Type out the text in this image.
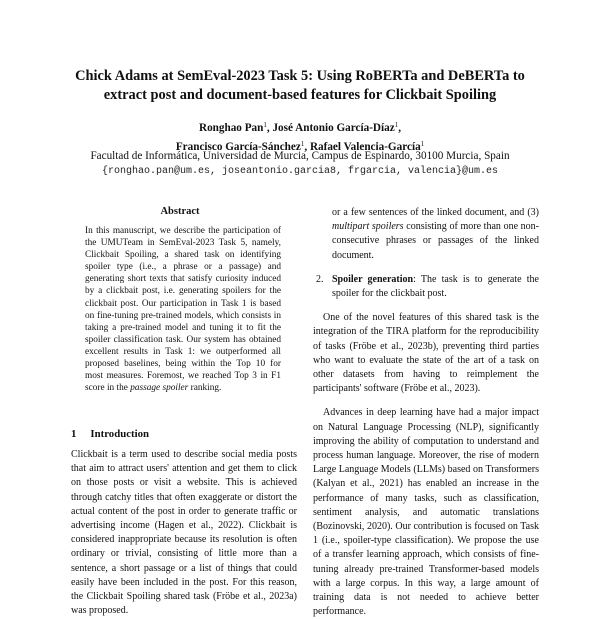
Chick Adams at SemEval-2023 Task 5: Using RoBERTa and DeBERTa to
extract post and document-based features for Clickbait Spoiling
Ronghao Pan$^1$, José Antonio García-Díaz$^1$,
Francisco García-Sánchez$^1$, Rafael Valencia-García$^1$
Facultad de Informática, Universidad de Murcia, Campus de Espinardo, 30100 Murcia, Spain
{ronghao.pan@um.es, joseantonio.garcia8, frgarcia, valencia}@um.es
Abstract

In this manuscript, we describe the participation of the UMUTeam in SemEval-2023 Task 5, namely, Clickbait Spoiling, a shared task on identifying spoiler type (i.e., a phrase or a passage) and generating short texts that satisfy curiosity induced by a clickbait post, i.e. generating spoilers for the clickbait post. Our participation in Task 1 is based on fine-tuning pre-trained models, which consists in taking a pre-trained model and tuning it to fit the spoiler classification task. Our system has obtained excellent results in Task 1: we outperformed all proposed baselines, being within the Top 10 for most measures. Foremost, we reached Top 3 in F1 score in the passage spoiler ranking.

1 Introduction

Clickbait is a term used to describe social media posts that aim to attract users' attention and get them to click on those posts or visit a website. This is achieved through catchy titles that often exaggerate or distort the actual content of the post in order to generate traffic or advertising income (Hagen et al., 2022). Clickbait is considered inappropriate because its resolution is often ordinary or trivial, consisting of little more than a sentence, a short passage or a list of things that could easily have been included in the post. For this reason, the Clickbait Spoiling shared task (Fröbe et al., 2023a) was proposed.

or a few sentences of the linked document, and (3) multipart spoilers consisting of more than one non-consecutive phrases or passages of the linked document.

2. Spoiler generation: The task is to generate the spoiler for the clickbait post.

One of the novel features of this shared task is the integration of the TIRA platform for the reproducibility of tasks (Fröbe et al., 2023b), preventing third parties who want to evaluate the state of the art of a task on other datasets from having to reimplement the participants' software (Fröbe et al., 2023).

Advances in deep learning have had a major impact on Natural Language Processing (NLP), significantly improving the ability of computation to understand and process human language. Moreover, the rise of modern Large Language Models (LLMs) based on Transformers (Kalyan et al., 2021) has enabled an increase in the performance of many tasks, such as classification, sentiment analysis, and automatic translations (Bozinovski, 2020). Our contribution is focused on Task 1 (i.e., spoiler-type classification). We propose the use of a transfer learning approach, which consists of fine-tuning already pre-trained Transformer-based models with a large corpus. In this way, a large amount of training data is not needed to achieve better performance.
